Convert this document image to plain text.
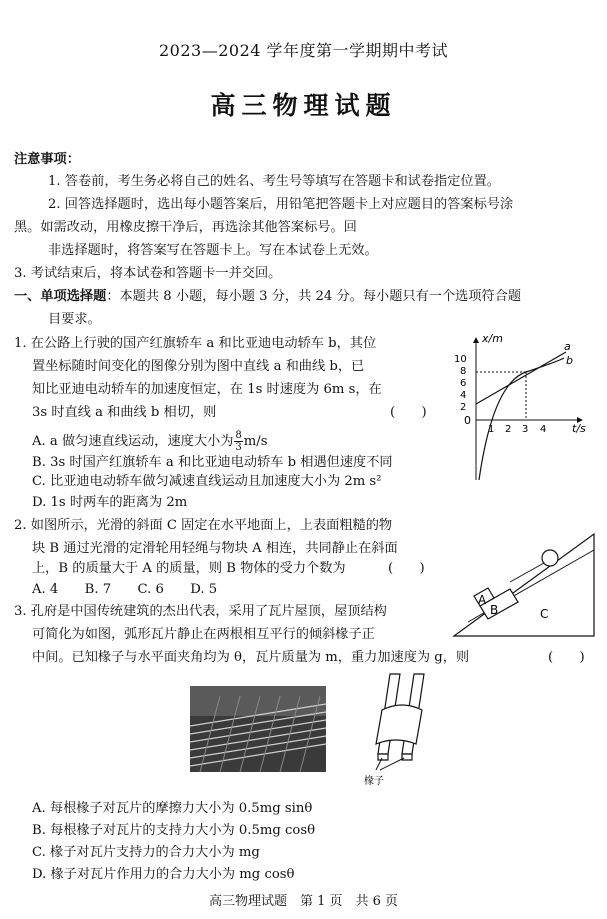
2023—2024 学年度第一学期期中考试
高三物理试题
注意事项：
1. 答卷前，考生务必将自己的姓名、考生号等填写在答题卡和试卷指定位置。
2. 回答选择题时，选出每小题答案后，用铅笔把答题卡上对应题目的答案标号涂
黑。如需改动，用橡皮擦干净后，再选涂其他答案标号。回
非选择题时，将答案写在答题卡上。写在本试卷上无效。
3. 考试结束后，将本试卷和答题卡一并交回。
一、单项选择题：本题共 8 小题，每小题 3 分，共 24 分。每小题只有一个选项符合题
目要求。
1. 在公路上行驶的国产红旗轿车 a 和比亚迪电动轿车 b，其位
置坐标随时间变化的图像分别为图中直线 a 和曲线 b，已
知比亚迪电动轿车的加速度恒定，在 1s 时速度为 6m s，在
3s 时直线 a 和曲线 b 相切，则	(　　)
A. a 做匀速直线运动，速度大小为 $\frac{8}{3} m/s$
B. 3s 时国产红旗轿车 a 和比亚迪电动轿车 b 相遇但速度不同
C. 比亚迪电动轿车做匀减速直线运动且加速度大小为 2m s²
D. 1s 时两车的距离为 2m
x/m
t/s
0
10
8
6
4
2
1 2 3 4
a
b
2. 如图所示，光滑的斜面 C 固定在水平地面上，上表面粗糙的物
块 B 通过光滑的定滑轮用轻绳与物块 A 相连，共同静止在斜面
上，B 的质量大于 A 的质量，则 B 物体的受力个数为	(　　)
A. 4　　B. 7　　C. 6　　D. 5
A
B	C
3. 孔府是中国传统建筑的杰出代表，采用了瓦片屋顶，屋顶结构
可简化为如图，弧形瓦片静止在两根相互平行的倾斜椽子正
中间。已知椽子与水平面夹角均为 θ，瓦片质量为 m，重力加速度为 g，则	(　　)
椽子
A. 每根椽子对瓦片的摩擦力大小为 0.5mg sinθ
B. 每根椽子对瓦片的支持力大小为 0.5mg cosθ
C. 椽子对瓦片支持力的合力大小为 mg
D. 椽子对瓦片作用力的合力大小为 mg cosθ
高三物理试题　第 1 页　共 6 页
